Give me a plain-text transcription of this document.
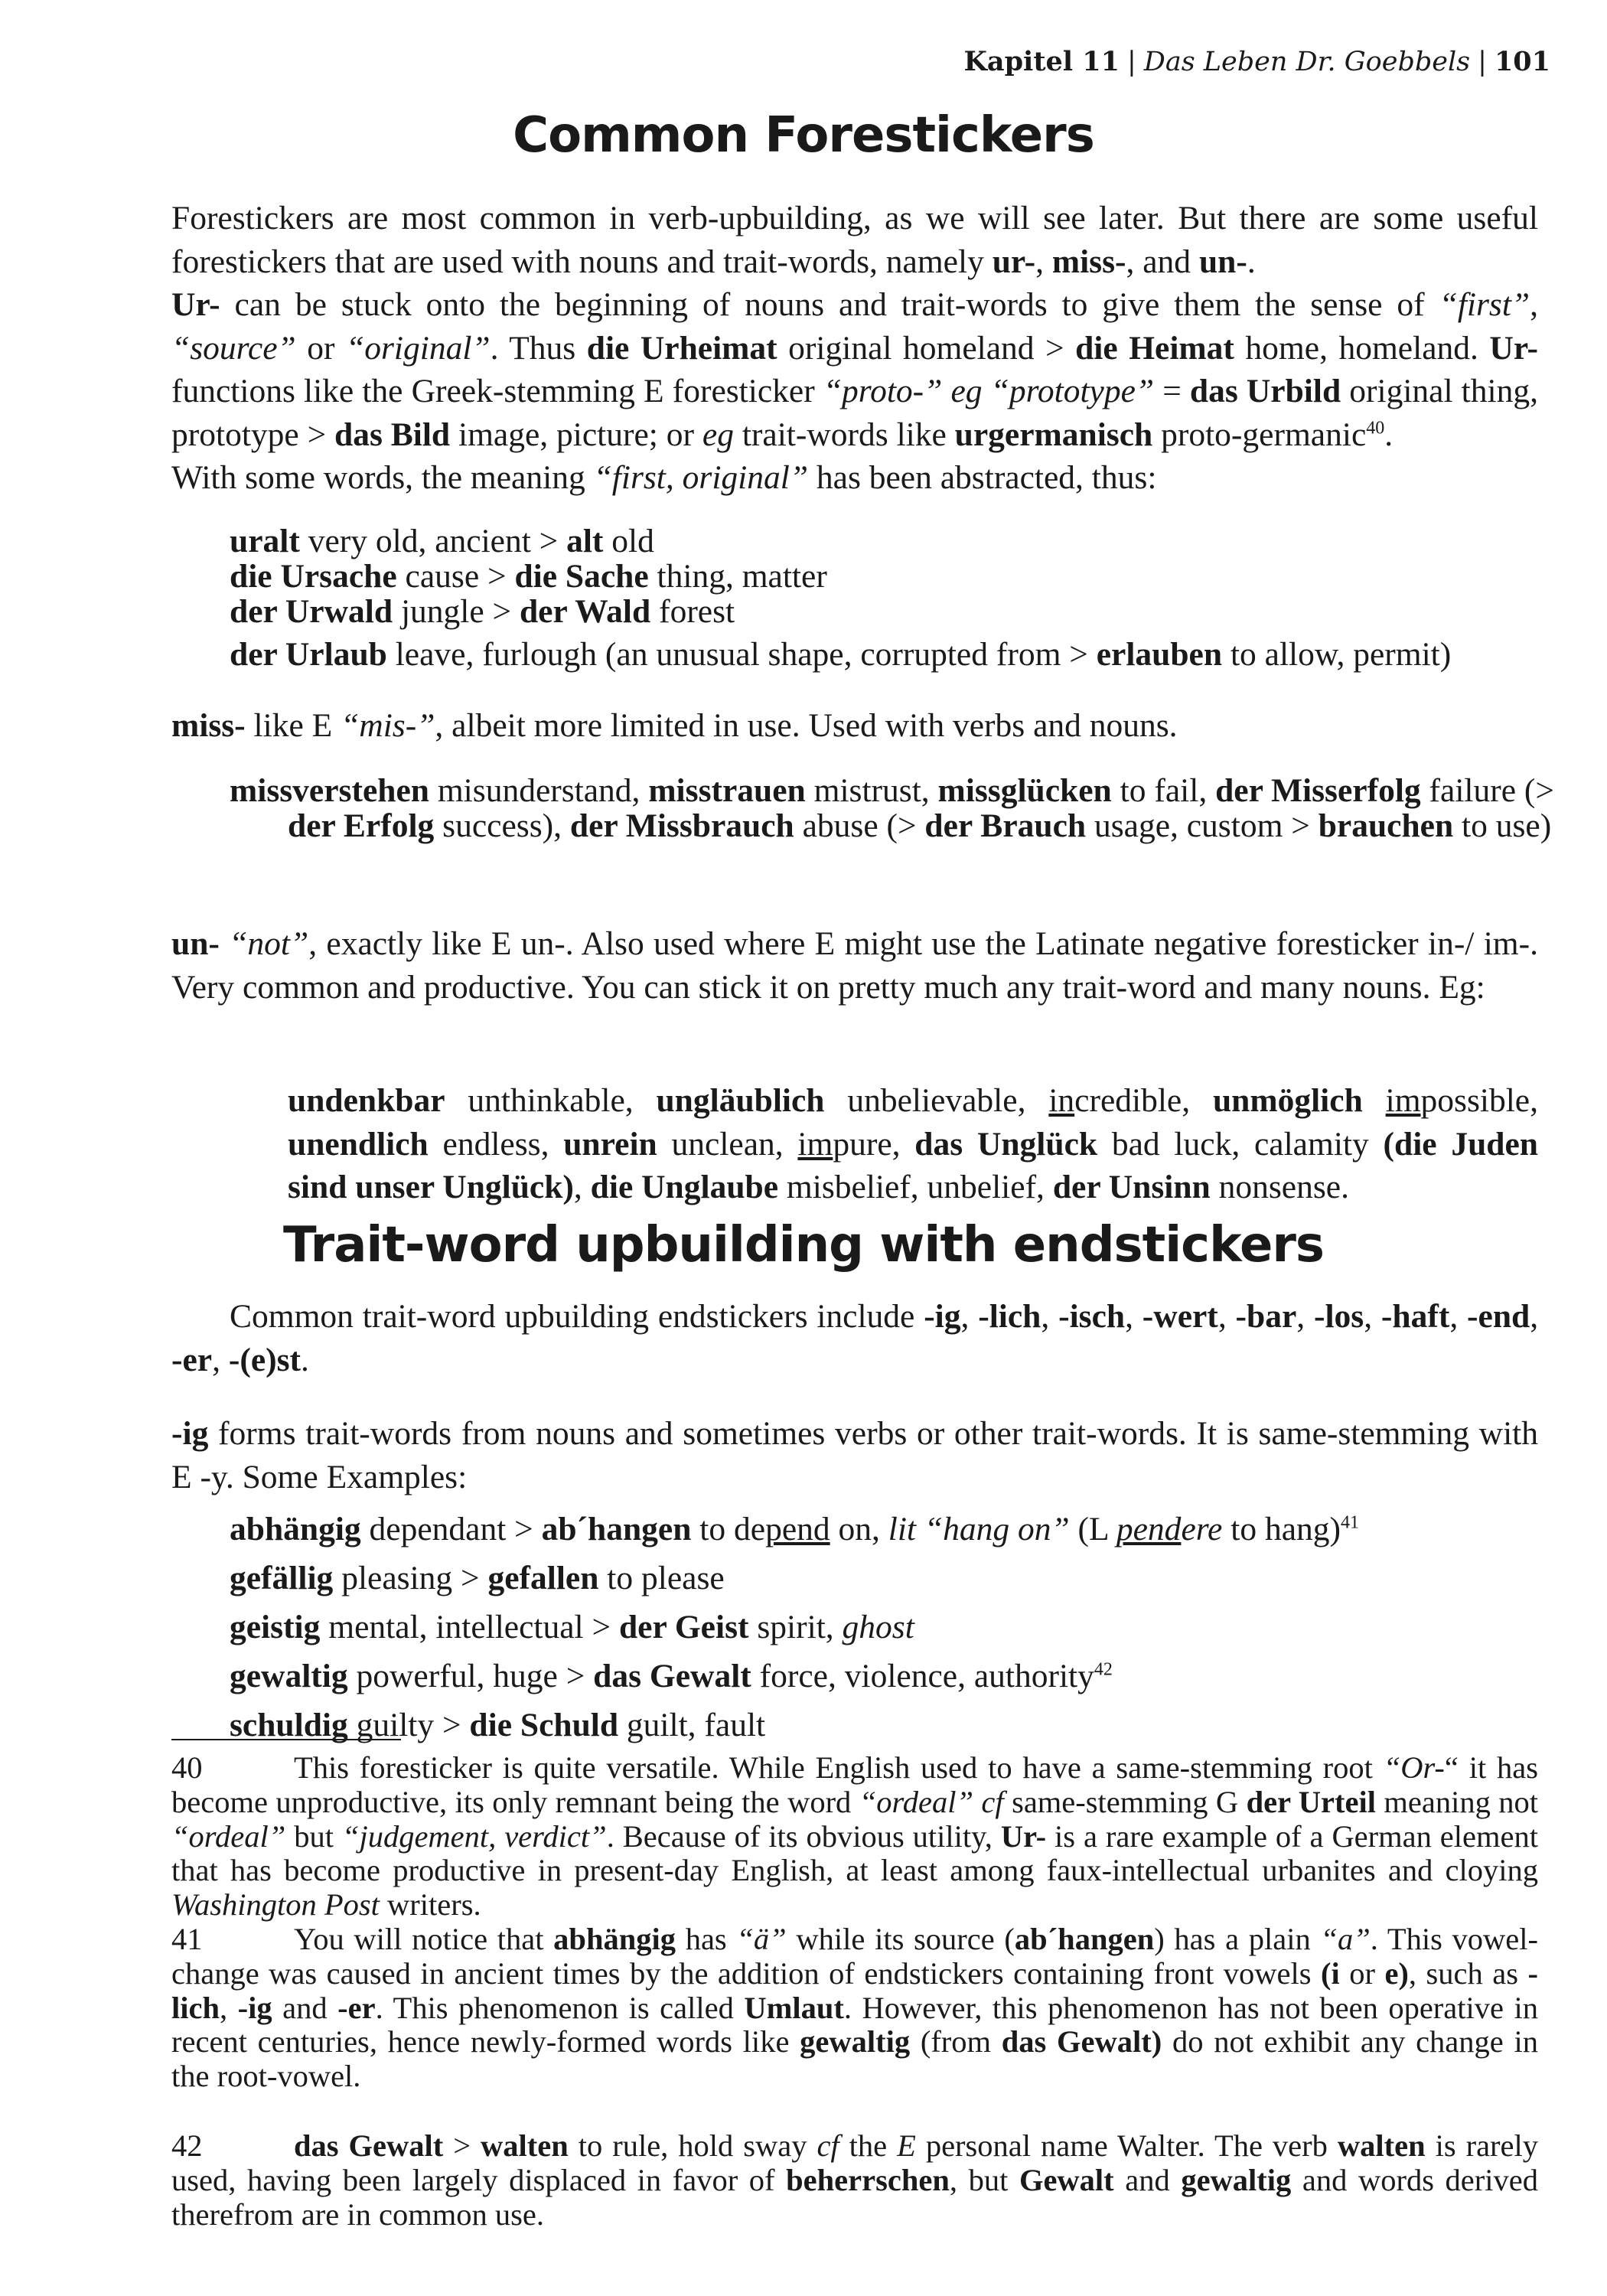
Kapitel 11 | Das Leben Dr. Goebbels | 101
Common Forestickers

Forestickers are most common in verb-upbuilding, as we will see later. But there are some useful forestickers that are used with nouns and trait-words, namely ur-, miss-, and un-.

Ur- can be stuck onto the beginning of nouns and trait-words to give them the sense of “first”, “source” or “original”. Thus die Urheimat original homeland > die Heimat home, homeland. Ur- functions like the Greek-stemming E foresticker “proto-” eg “prototype” = das Urbild original thing, prototype > das Bild image, picture; or eg trait-words like urgermanisch proto-germanic$^{40}$.

With some words, the meaning “first, original” has been abstracted, thus:

uralt very old, ancient > alt old
die Ursache cause > die Sache thing, matter
der Urwald jungle > der Wald forest
der Urlaub leave, furlough (an unusual shape, corrupted from > erlauben to allow, permit)

miss- like E “mis-”, albeit more limited in use. Used with verbs and nouns.

missverstehen misunderstand, misstrauen mistrust, missglücken to fail, der Misserfolg failure (> der Erfolg success), der Missbrauch abuse (> der Brauch usage, custom > brauchen to use)

un- “not”, exactly like E un-. Also used where E might use the Latinate negative foresticker in-/ im-. Very common and productive. You can stick it on pretty much any trait-word and many nouns. Eg:

undenkbar unthinkable, ungläublich unbelievable, incredible, unmöglich impossible, unendlich endless, unrein unclean, impure, das Unglück bad luck, calamity (die Juden sind unser Unglück), die Unglaube misbelief, unbelief, der Unsinn nonsense.
Trait-word upbuilding with endstickers

Common trait-word upbuilding endstickers include -ig, -lich, -isch, -wert, -bar, -los, -haft, -end, -er, -(e)st.

-ig forms trait-words from nouns and sometimes verbs or other trait-words. It is same-stemming with E -y. Some Examples:

abhängig dependant > ab´hangen to depend on, lit “hang on” (L pendere to hang)$^{41}$
gefällig pleasing > gefallen to please
geistig mental, intellectual > der Geist spirit, ghost
gewaltig powerful, huge > das Gewalt force, violence, authority$^{42}$
schuldig guilty > die Schuld guilt, fault
40	This foresticker is quite versatile. While English used to have a same-stemming root “Or-“ it has become unproductive, its only remnant being the word “ordeal” cf same-stemming G der Urteil meaning not “ordeal” but “judgement, verdict”. Because of its obvious utility, Ur- is a rare example of a German element that has become productive in present-day English, at least among faux-intellectual urbanites and cloying Washington Post writers.
41	You will notice that abhängig has “ä” while its source (ab´hangen) has a plain “a”. This vowel-change was caused in ancient times by the addition of endstickers containing front vowels (i or e), such as -lich, -ig and -er. This phenomenon is called Umlaut. However, this phenomenon has not been operative in recent centuries, hence newly-formed words like gewaltig (from das Gewalt) do not exhibit any change in the root-vowel.
42	das Gewalt > walten to rule, hold sway cf the E personal name Walter. The verb walten is rarely used, having been largely displaced in favor of beherrschen, but Gewalt and gewaltig and words derived therefrom are in common use.
